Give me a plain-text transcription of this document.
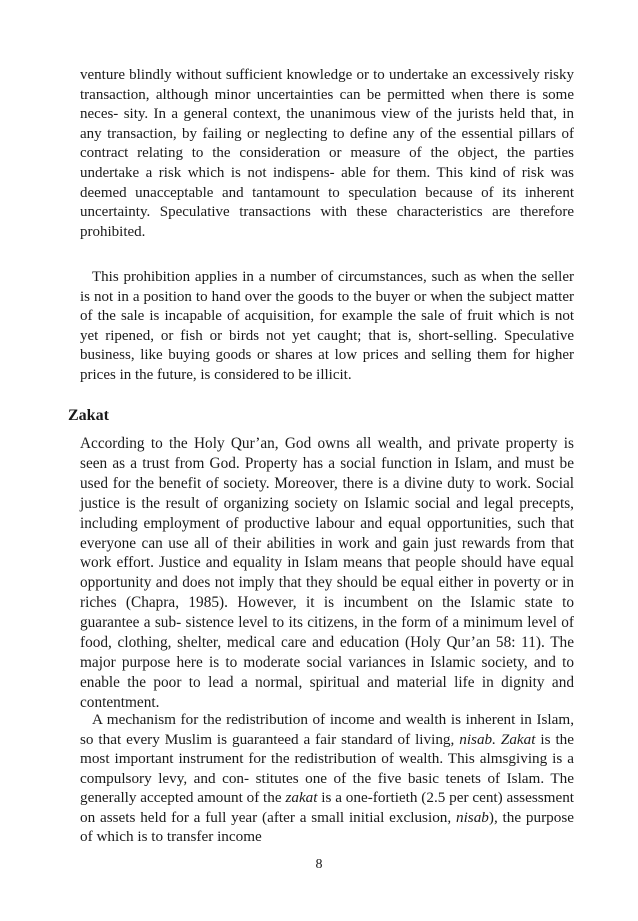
venture blindly without sufficient knowledge or to undertake an excessively risky transaction, although minor uncertainties can be permitted when there is some neces- sity. In a general context, the unanimous view of the jurists held that, in any transaction, by failing or neglecting to define any of the essential pillars of contract relating to the consideration or measure of the object, the parties undertake a risk which is not indispens- able for them. This kind of risk was deemed unacceptable and tantamount to speculation because of its inherent uncertainty. Speculative transactions with these characteristics are therefore prohibited.

This prohibition applies in a number of circumstances, such as when the seller is not in a position to hand over the goods to the buyer or when the subject matter of the sale is incapable of acquisition, for example the sale of fruit which is not yet ripened, or fish or birds not yet caught; that is, short-selling. Speculative business, like buying goods or shares at low prices and selling them for higher prices in the future, is considered to be illicit.

Zakat

According to the Holy Qur’an, God owns all wealth, and private property is seen as a trust from God. Property has a social function in Islam, and must be used for the benefit of society. Moreover, there is a divine duty to work. Social justice is the result of organizing society on Islamic social and legal precepts, including employment of productive labour and equal opportunities, such that everyone can use all of their abilities in work and gain just rewards from that work effort. Justice and equality in Islam means that people should have equal opportunity and does not imply that they should be equal either in poverty or in riches (Chapra, 1985). However, it is incumbent on the Islamic state to guarantee a sub- sistence level to its citizens, in the form of a minimum level of food, clothing, shelter, medical care and education (Holy Qur’an 58: 11). The major purpose here is to moderate social variances in Islamic society, and to enable the poor to lead a normal, spiritual and material life in dignity and contentment.

A mechanism for the redistribution of income and wealth is inherent in Islam, so that every Muslim is guaranteed a fair standard of living, nisab. Zakat is the most important instrument for the redistribution of wealth. This almsgiving is a compulsory levy, and con- stitutes one of the five basic tenets of Islam. The generally accepted amount of the zakat is a one-fortieth (2.5 per cent) assessment on assets held for a full year (after a small initial exclusion, nisab), the purpose of which is to transfer income

8
